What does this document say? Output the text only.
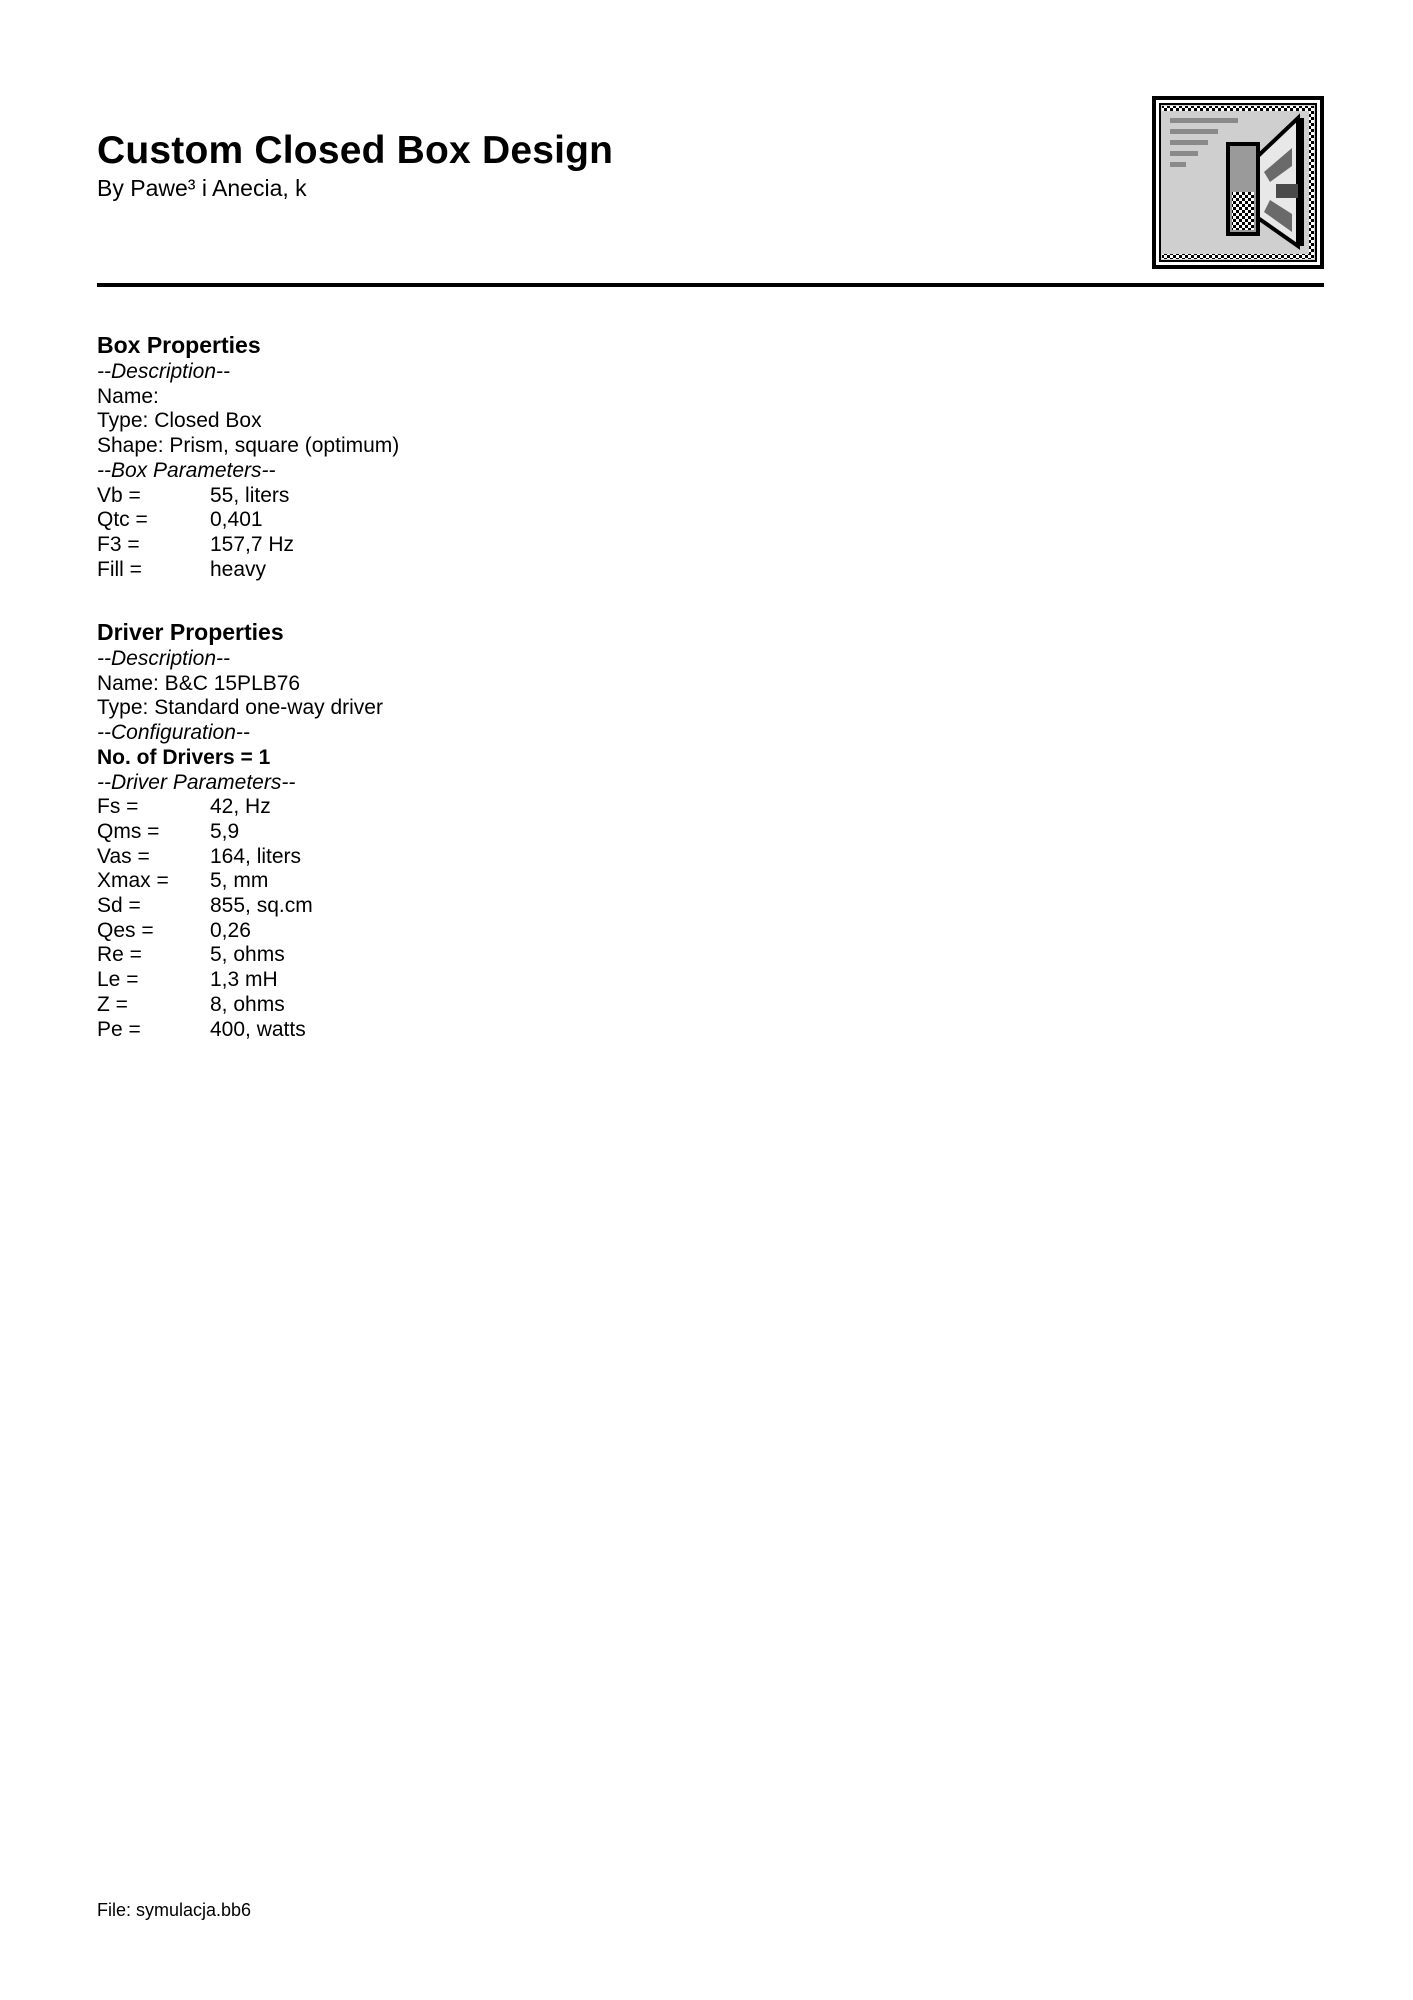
Custom Closed Box Design
By Pawe³ i Anecia, k
Box Properties
--Description--
Name:
Type: Closed Box
Shape: Prism, square (optimum)
--Box Parameters--
Vb =	55, liters
Qtc =	0,401
F3 =	157,7 Hz
Fill =	heavy
Driver Properties
--Description--
Name: B&C 15PLB76
Type: Standard one-way driver
--Configuration--
No. of Drivers = 1
--Driver Parameters--
Fs =	42, Hz
Qms =	5,9
Vas =	164, liters
Xmax =	5, mm
Sd =	855, sq.cm
Qes =	0,26
Re =	5, ohms
Le =	1,3 mH
Z =	8, ohms
Pe =	400, watts
File: symulacja.bb6
